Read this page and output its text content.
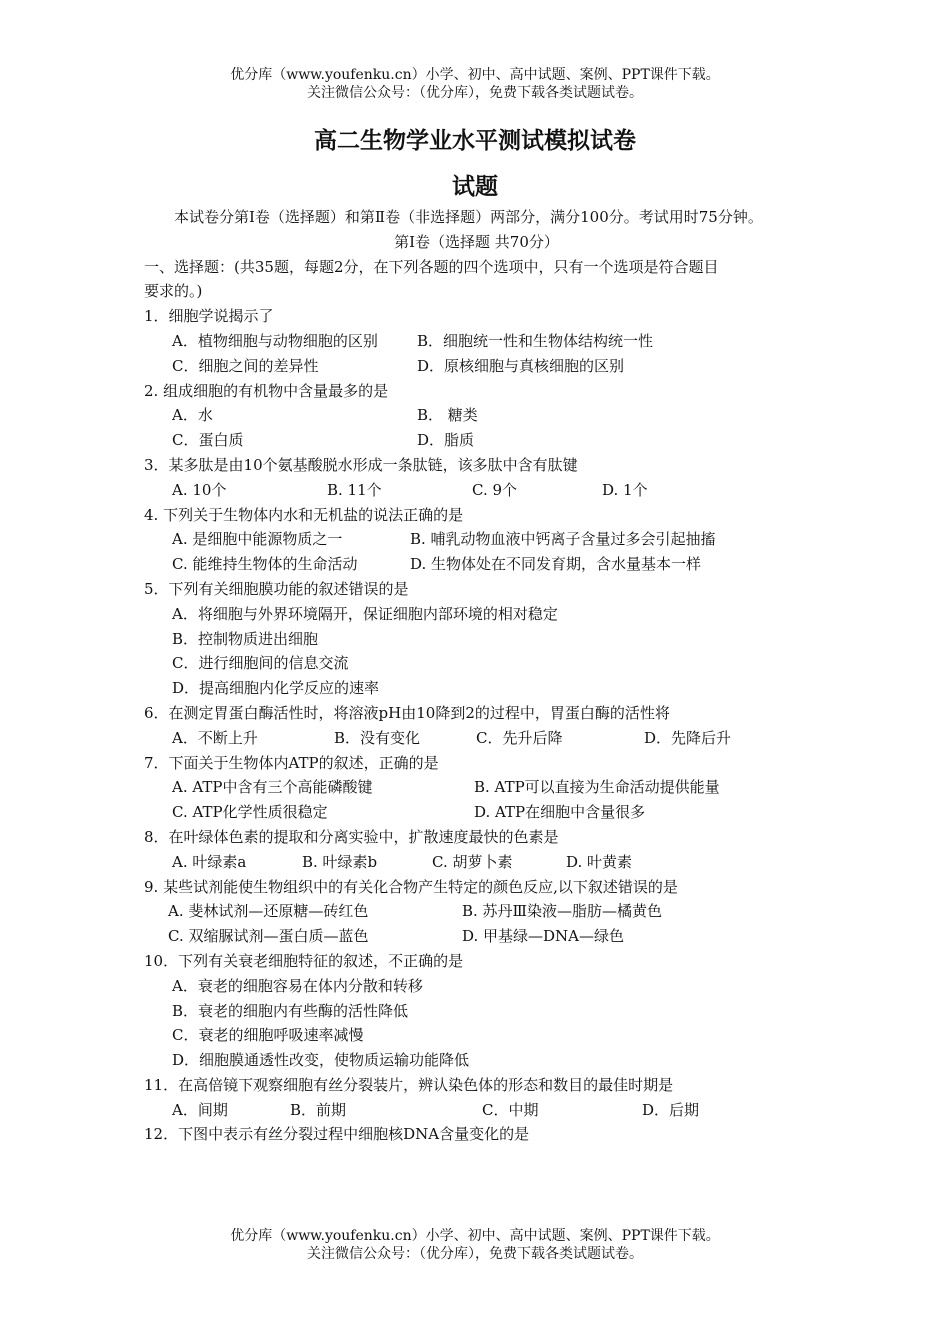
优分库（www.youfenku.cn）小学、初中、高中试题、案例、PPT课件下载。
关注微信公众号：（优分库），免费下载各类试题试卷。
高二生物学业水平测试模拟试卷
试题
本试卷分第Ⅰ卷（选择题）和第Ⅱ卷（非选择题）两部分，满分100分。考试用时75分钟。
第Ⅰ卷（选择题 共70分）
一、选择题：(共35题，每题2分，在下列各题的四个选项中，只有一个选项是符合题目
要求的。)
1．细胞学说揭示了
A．植物细胞与动物细胞的区别	B．细胞统一性和生物体结构统一性
C．细胞之间的差异性	D．原核细胞与真核细胞的区别
2. 组成细胞的有机物中含量最多的是
A．水	B． 糖类
C．蛋白质	D．脂质
3．某多肽是由10个氨基酸脱水形成一条肽链，该多肽中含有肽键
A. 10个	B. 11个	C. 9个	D. 1个
4. 下列关于生物体内水和无机盐的说法正确的是
A. 是细胞中能源物质之一	B. 哺乳动物血液中钙离子含量过多会引起抽搐
C. 能维持生物体的生命活动	D. 生物体处在不同发育期，含水量基本一样
5．下列有关细胞膜功能的叙述错误的是
A．将细胞与外界环境隔开，保证细胞内部环境的相对稳定
B．控制物质进出细胞
C．进行细胞间的信息交流
D．提高细胞内化学反应的速率
6．在测定胃蛋白酶活性时，将溶液pH由10降到2的过程中，胃蛋白酶的活性将
A．不断上升	B．没有变化	C．先升后降	D．先降后升
7．下面关于生物体内ATP的叙述，正确的是
A. ATP中含有三个高能磷酸键	B. ATP可以直接为生命活动提供能量
C. ATP化学性质很稳定	D. ATP在细胞中含量很多
8．在叶绿体色素的提取和分离实验中，扩散速度最快的色素是
A. 叶绿素a	B. 叶绿素b	C. 胡萝卜素	D. 叶黄素
9. 某些试剂能使生物组织中的有关化合物产生特定的颜色反应,以下叙述错误的是
A. 斐林试剂—还原糖—砖红色	B. 苏丹Ⅲ染液—脂肪—橘黄色
C. 双缩脲试剂—蛋白质—蓝色	D. 甲基绿—DNA—绿色
10．下列有关衰老细胞特征的叙述，不正确的是
A．衰老的细胞容易在体内分散和转移
B．衰老的细胞内有些酶的活性降低
C．衰老的细胞呼吸速率减慢
D．细胞膜通透性改变，使物质运输功能降低
11．在高倍镜下观察细胞有丝分裂装片，辨认染色体的形态和数目的最佳时期是
A．间期	B．前期	C．中期	D．后期
12．下图中表示有丝分裂过程中细胞核DNA含量变化的是
优分库（www.youfenku.cn）小学、初中、高中试题、案例、PPT课件下载。
关注微信公众号：（优分库），免费下载各类试题试卷。
